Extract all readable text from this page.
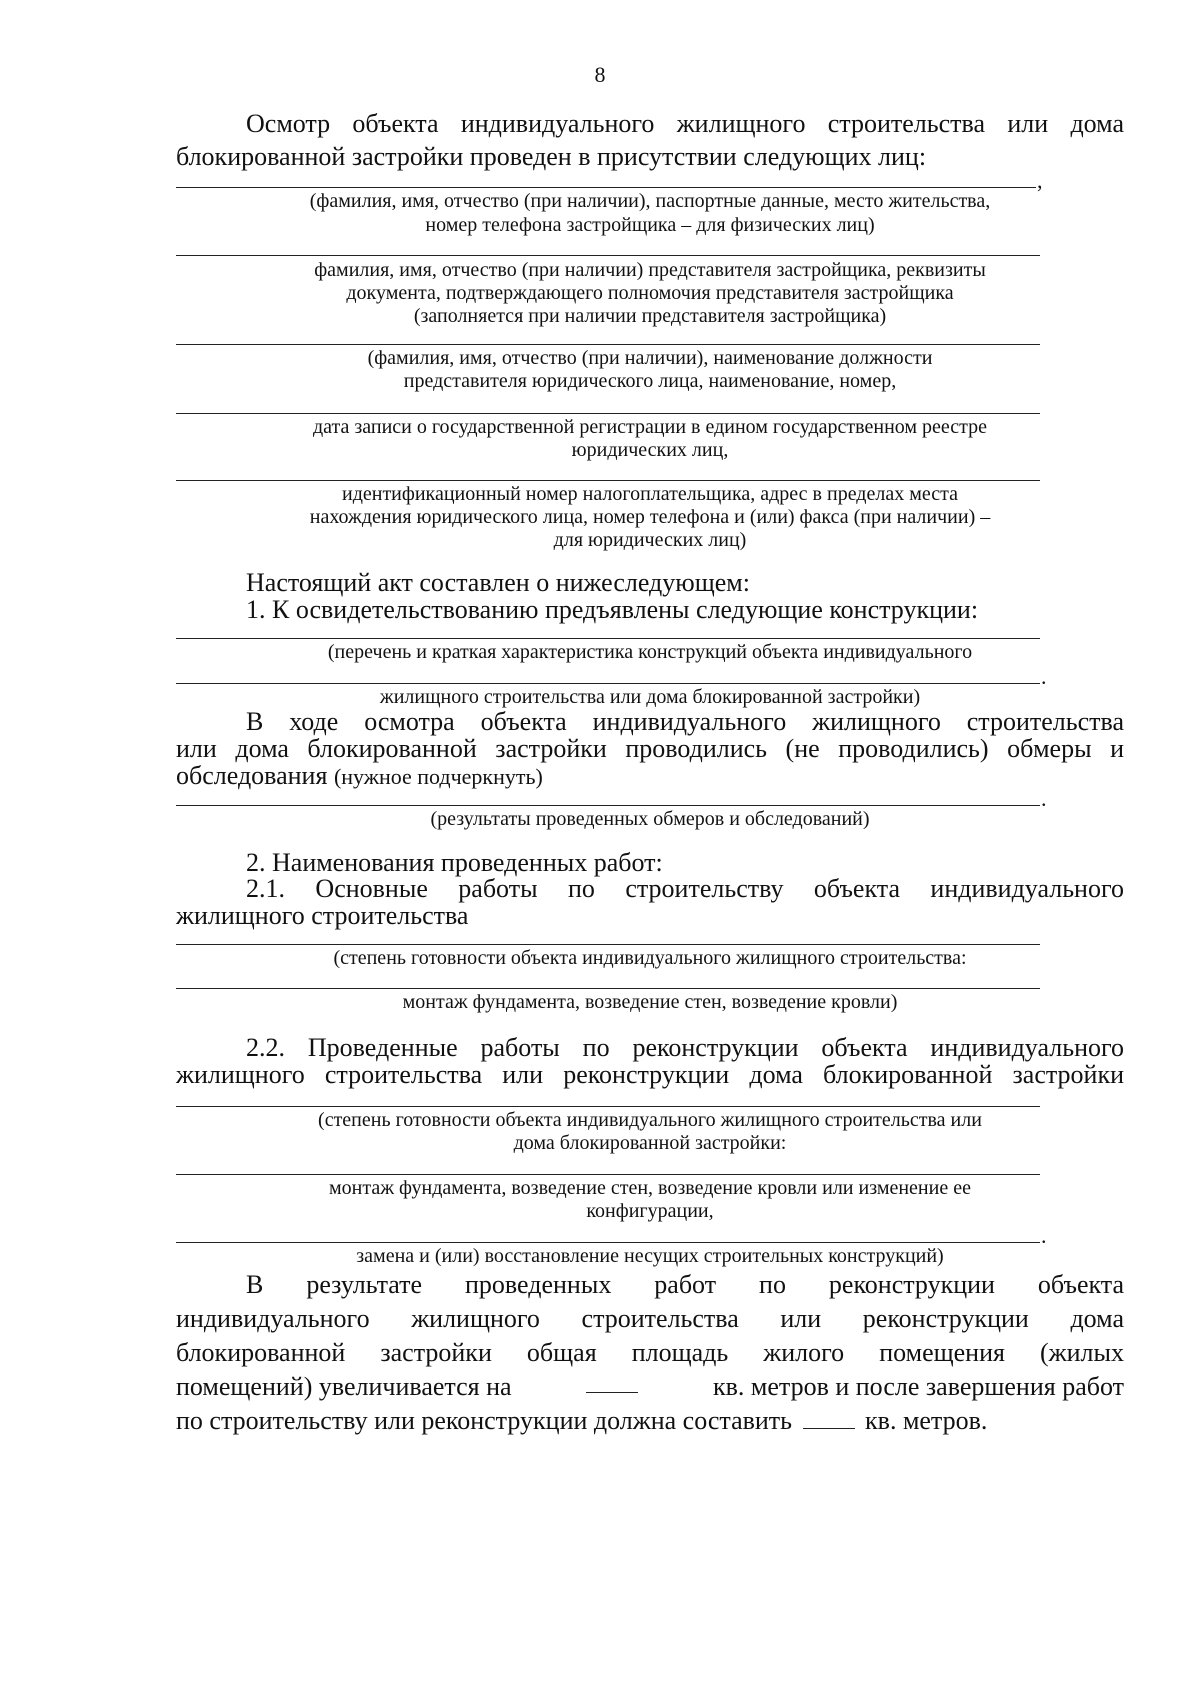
8
Осмотр объекта индивидуального жилищного строительства или дома
блокированной застройки проведен в присутствии следующих лиц:
,
(фамилия, имя, отчество (при наличии), паспортные данные, место жительства,
номер телефона застройщика – для физических лиц)
фамилия, имя, отчество (при наличии) представителя застройщика, реквизиты
документа, подтверждающего полномочия представителя застройщика
(заполняется при наличии представителя застройщика)
(фамилия, имя, отчество (при наличии), наименование должности
представителя юридического лица, наименование, номер,
дата записи о государственной регистрации в едином государственном реестре
юридических лиц,
идентификационный номер налогоплательщика, адрес в пределах места
нахождения юридического лица, номер телефона и (или) факса (при наличии) –
для юридических лиц)
Настоящий акт составлен о нижеследующем:
1. К освидетельствованию предъявлены следующие конструкции:
(перечень и краткая характеристика конструкций объекта индивидуального
.
жилищного строительства или дома блокированной застройки)
В ходе осмотра объекта индивидуального жилищного строительства
или дома блокированной застройки проводились (не проводились) обмеры и
обследования (нужное подчеркнуть)
.
(результаты проведенных обмеров и обследований)
2. Наименования проведенных работ:
2.1. Основные работы по строительству объекта индивидуального
жилищного строительства
(степень готовности объекта индивидуального жилищного строительства:
монтаж фундамента, возведение стен, возведение кровли)
2.2. Проведенные работы по реконструкции объекта индивидуального
жилищного строительства или реконструкции дома блокированной застройки
(степень готовности объекта индивидуального жилищного строительства или
дома блокированной застройки:
монтаж фундамента, возведение стен, возведение кровли или изменение ее
конфигурации,
.
замена и (или) восстановление несущих строительных конструкций)
В результате проведенных работ по реконструкции объекта
индивидуального жилищного строительства или реконструкции дома
блокированной застройки общая площадь жилого помещения (жилых
помещений) увеличивается на	кв. метров и после завершения работ
по строительству или реконструкции должна составить	кв. метров.
